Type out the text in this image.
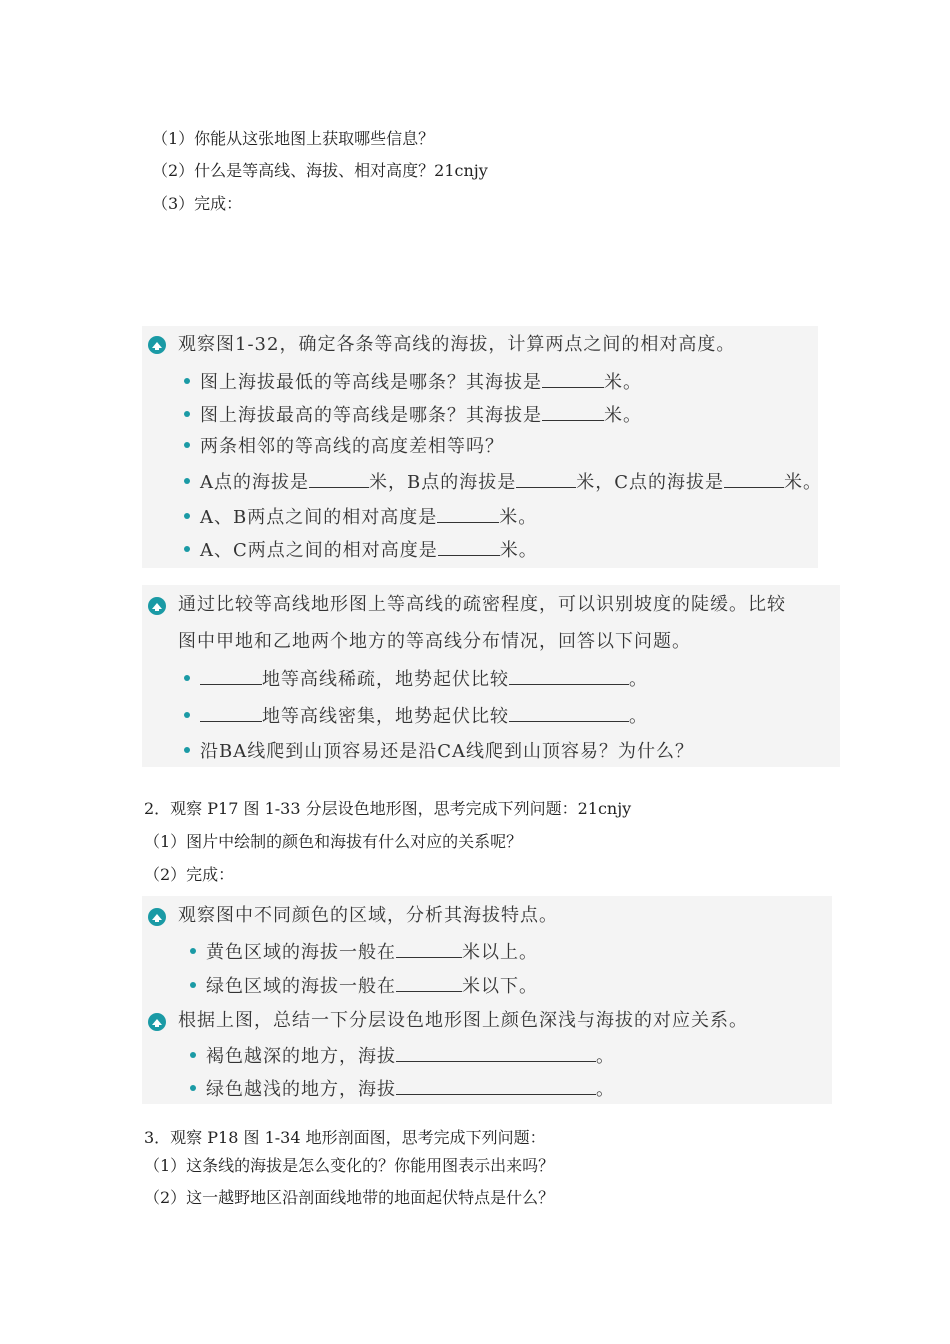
（1）你能从这张地图上获取哪些信息？
（2）什么是等高线、海拔、相对高度？21cnjy
（3）完成：
观察图1-32，确定各条等高线的海拔，计算两点之间的相对高度。
图上海拔最低的等高线是哪条？其海拔是	米。
图上海拔最高的等高线是哪条？其海拔是	米。
两条相邻的等高线的高度差相等吗？
A点的海拔是	米，B点的海拔是	米，C点的海拔是	米。
A、B两点之间的相对高度是	米。
A、C两点之间的相对高度是	米。
通过比较等高线地形图上等高线的疏密程度，可以识别坡度的陡缓。比较
图中甲地和乙地两个地方的等高线分布情况，回答以下问题。
地等高线稀疏，地势起伏比较	。
地等高线密集，地势起伏比较	。
沿BA线爬到山顶容易还是沿CA线爬到山顶容易？为什么？
2．观察 P17 图 1-33 分层设色地形图，思考完成下列问题：21cnjy
（1）图片中绘制的颜色和海拔有什么对应的关系呢？
（2）完成：
观察图中不同颜色的区域，分析其海拔特点。
黄色区域的海拔一般在	米以上。
绿色区域的海拔一般在	米以下。
根据上图，总结一下分层设色地形图上颜色深浅与海拔的对应关系。
褐色越深的地方，海拔	。
绿色越浅的地方，海拔	。
3．观察 P18 图 1-34 地形剖面图，思考完成下列问题：
（1）这条线的海拔是怎么变化的？你能用图表示出来吗？
（2）这一越野地区沿剖面线地带的地面起伏特点是什么？
